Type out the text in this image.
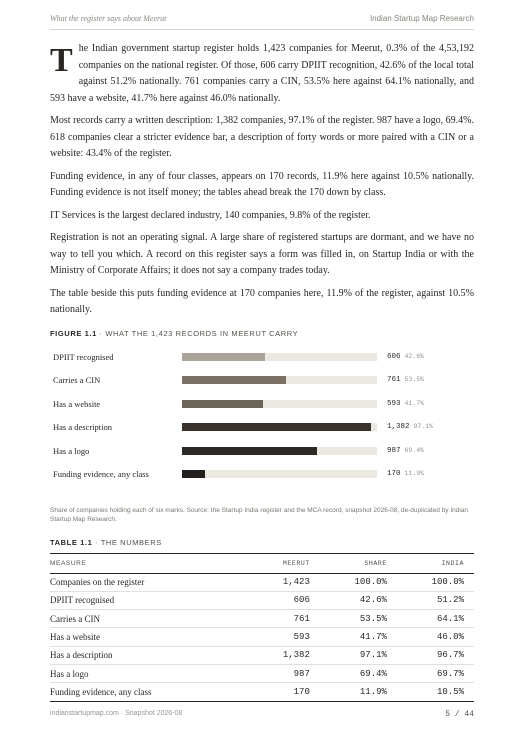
What the register says about Meerut	Indian Startup Map Research

The Indian government startup register holds 1,423 companies for Meerut, 0.3% of the 4,53,192 companies on the national register. Of those, 606 carry DPIIT recognition, 42.6% of the local total against 51.2% nationally. 761 companies carry a CIN, 53.5% here against 64.1% nationally, and 593 have a website, 41.7% here against 46.0% nationally.

Most records carry a written description: 1,382 companies, 97.1% of the register. 987 have a logo, 69.4%. 618 companies clear a stricter evidence bar, a description of forty words or more paired with a CIN or a website: 43.4% of the register.

Funding evidence, in any of four classes, appears on 170 records, 11.9% here against 10.5% nationally. Funding evidence is not itself money; the tables ahead break the 170 down by class.

IT Services is the largest declared industry, 140 companies, 9.8% of the register.

Registration is not an operating signal. A large share of registered startups are dormant, and we have no way to tell you which. A record on this register says a form was filled in, on Startup India or with the Ministry of Corporate Affairs; it does not say a company trades today.

The table beside this puts funding evidence at 170 companies here, 11.9% of the register, against 10.5% nationally.

FIGURE 1.1 · WHAT THE 1,423 RECORDS IN MEERUT CARRY
DPIIT recognised	606 42.6%
Carries a CIN	761 53.5%
Has a website	593 41.7%
Has a description	1,382 97.1%
Has a logo	987 69.4%
Funding evidence, any class	170 11.9%

Share of companies holding each of six marks. Source: the Startup India register and the MCA record, snapshot 2026-08, de-duplicated by Indian Startup Map Research.

TABLE 1.1 · THE NUMBERS
MEASURE	MEERUT	SHARE	INDIA
Companies on the register	1,423	100.0%	100.0%
DPIIT recognised	606	42.6%	51.2%
Carries a CIN	761	53.5%	64.1%
Has a website	593	41.7%	46.0%
Has a description	1,382	97.1%	96.7%
Has a logo	987	69.4%	69.7%
Funding evidence, any class	170	11.9%	10.5%
indianstartupmap.com · Snapshot 2026-08	5 / 44
